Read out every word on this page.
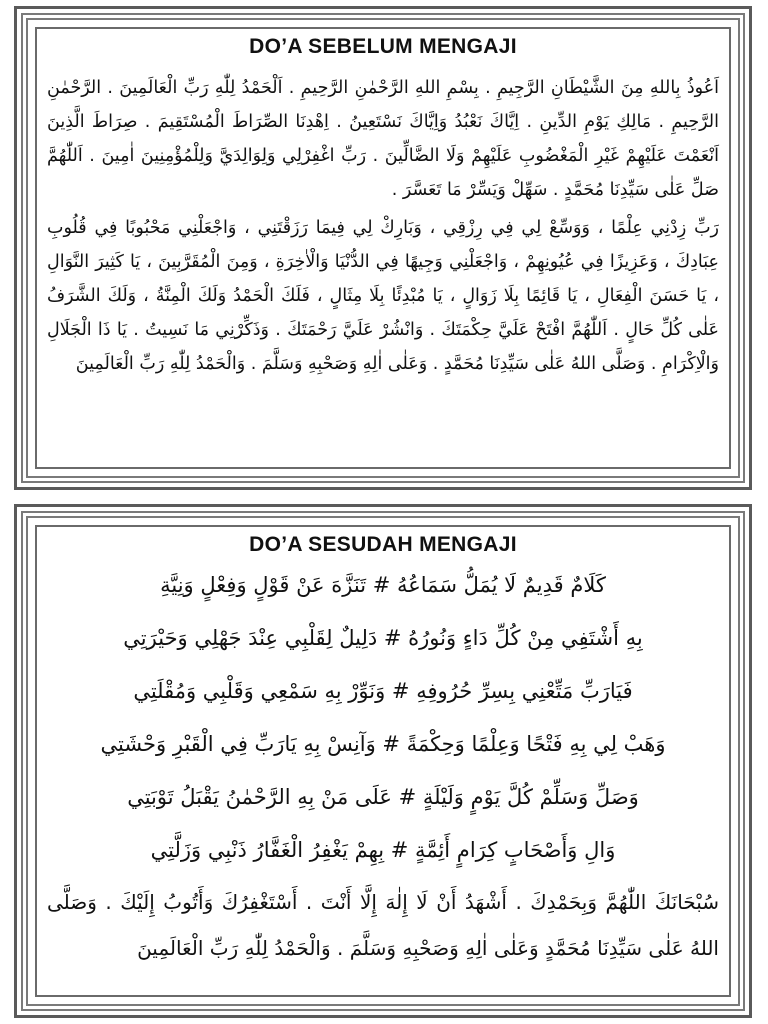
DO’A SEBELUM MENGAJI

اَعُوذُ بِاللهِ مِنَ الشَّيْطَانِ الرَّجِيمِ . بِسْمِ اللهِ الرَّحْمٰنِ الرَّحِيمِ . اَلْحَمْدُ لِلّٰهِ رَبِّ الْعَالَمِينَ . الرَّحْمٰنِ الرَّحِيمِ . مَالِكِ يَوْمِ الدِّينِ . اِيَّاكَ نَعْبُدُ وَاِيَّاكَ نَسْتَعِينُ . اِهْدِنَا الصِّرَاطَ الْمُسْتَقِيمَ . صِرَاطَ الَّذِينَ اَنْعَمْتَ عَلَيْهِمْ غَيْرِ الْمَغْضُوبِ عَلَيْهِمْ وَلَا الضَّالِّينَ . رَبِّ اغْفِرْلِي وَلِوَالِدَيَّ وَلِلْمُؤْمِنِينَ اٰمِينَ . اَللّٰهُمَّ صَلِّ عَلٰى سَيِّدِنَا مُحَمَّدٍ . سَهِّلْ وَيَسِّرْ مَا تَعَسَّرَ .

رَبِّ زِدْنِي عِلْمًا ، وَوَسِّعْ لِي فِي رِزْقِي ، وَبَارِكْ لِي فِيمَا رَزَقْتَنِي ، وَاجْعَلْنِي مَحْبُوبًا فِي قُلُوبِ عِبَادِكَ ، وَعَزِيزًا فِي عُيُونِهِمْ ، وَاجْعَلْنِي وَجِيهًا فِي الدُّنْيَا وَالْاٰخِرَةِ ، وَمِنَ الْمُقَرَّبِينَ ، يَا كَثِيرَ النَّوَالِ ، يَا حَسَنَ الْفِعَالِ ، يَا قَائِمًا بِلَا زَوَالٍ ، يَا مُبْدِئًا بِلَا مِثَالٍ ، فَلَكَ الْحَمْدُ وَلَكَ الْمِنَّةُ ، وَلَكَ الشَّرَفُ عَلٰى كُلِّ حَالٍ . اَللّٰهُمَّ افْتَحْ عَلَيَّ حِكْمَتَكَ . وَانْشُرْ عَلَيَّ رَحْمَتَكَ . وَذَكِّرْنِي مَا نَسِيتُ . يَا ذَا الْجَلَالِ وَالْاِكْرَامِ . وَصَلَّى اللهُ عَلٰى سَيِّدِنَا مُحَمَّدٍ . وَعَلٰى اٰلِهِ وَصَحْبِهِ وَسَلَّمَ . وَالْحَمْدُ لِلّٰهِ رَبِّ الْعَالَمِينَ

DO’A SESUDAH MENGAJI
كَلَامٌ قَدِيمٌ لَا يُمَلُّ سَمَاعُهُ # تَنَزَّهَ عَنْ قَوْلٍ وَفِعْلٍ وَنِيَّةِ
بِهِ أَشْتَفِي مِنْ كُلِّ دَاءٍ وَنُورُهُ # دَلِيلٌ لِقَلْبِي عِنْدَ جَهْلِي وَحَيْرَتِي
فَيَارَبِّ مَتِّعْنِي بِسِرِّ حُرُوفِهِ # وَنَوِّرْ بِهِ سَمْعِي وَقَلْبِي وَمُقْلَتِي
وَهَبْ لِي بِهِ فَتْحًا وَعِلْمًا وَحِكْمَةً # وَآنِسْ بِهِ يَارَبِّ فِي الْقَبْرِ وَحْشَتِي
وَصَلِّ وَسَلِّمْ كُلَّ يَوْمٍ وَلَيْلَةٍ # عَلَى مَنْ بِهِ الرَّحْمٰنُ يَقْبَلُ تَوْبَتِي
وَالِ وَأَصْحَابٍ كِرَامٍ أَئِمَّةٍ # بِهِمْ يَغْفِرُ الْغَفَّارُ ذَنْبِي وَزَلَّتِي
سُبْحَانَكَ اللّٰهُمَّ وَبِحَمْدِكَ . أَشْهَدُ أَنْ لَا إِلٰهَ إِلَّا أَنْتَ . أَسْتَغْفِرُكَ وَأَتُوبُ إِلَيْكَ . وَصَلَّى اللهُ عَلٰى سَيِّدِنَا مُحَمَّدٍ وَعَلٰى اٰلِهِ وَصَحْبِهِ وَسَلَّمَ . وَالْحَمْدُ لِلّٰهِ رَبِّ الْعَالَمِينَ
